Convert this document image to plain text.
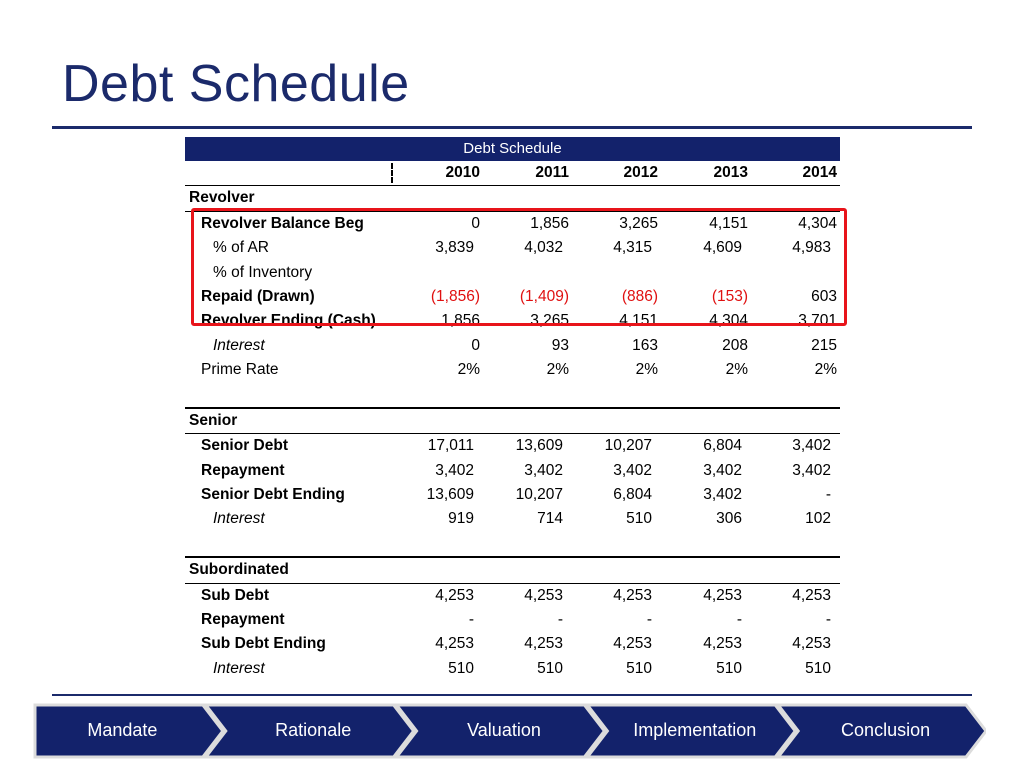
Debt Schedule
Debt Schedule
2010	2011	2012	2013	2014
Revolver
Revolver Balance Beg	0	1,856	3,265	4,151	4,304
% of AR	3,839	4,032	4,315	4,609	4,983
% of Inventory
Repaid (Drawn)	(1,856)	(1,409)	(886)	(153)	603
Revolver Ending (Cash)	1,856	3,265	4,151	4,304	3,701
Interest	0	93	163	208	215
Prime Rate	2%	2%	2%	2%	2%
Senior
Senior Debt	17,011	13,609	10,207	6,804	3,402
Repayment	3,402	3,402	3,402	3,402	3,402
Senior Debt Ending	13,609	10,207	6,804	3,402	-
Interest	919	714	510	306	102
Subordinated
Sub Debt	4,253	4,253	4,253	4,253	4,253
Repayment	-	-	-	-	-
Sub Debt Ending	4,253	4,253	4,253	4,253	4,253
Interest	510	510	510	510	510
Mandate	Rationale	Valuation	Implementation	Conclusion
